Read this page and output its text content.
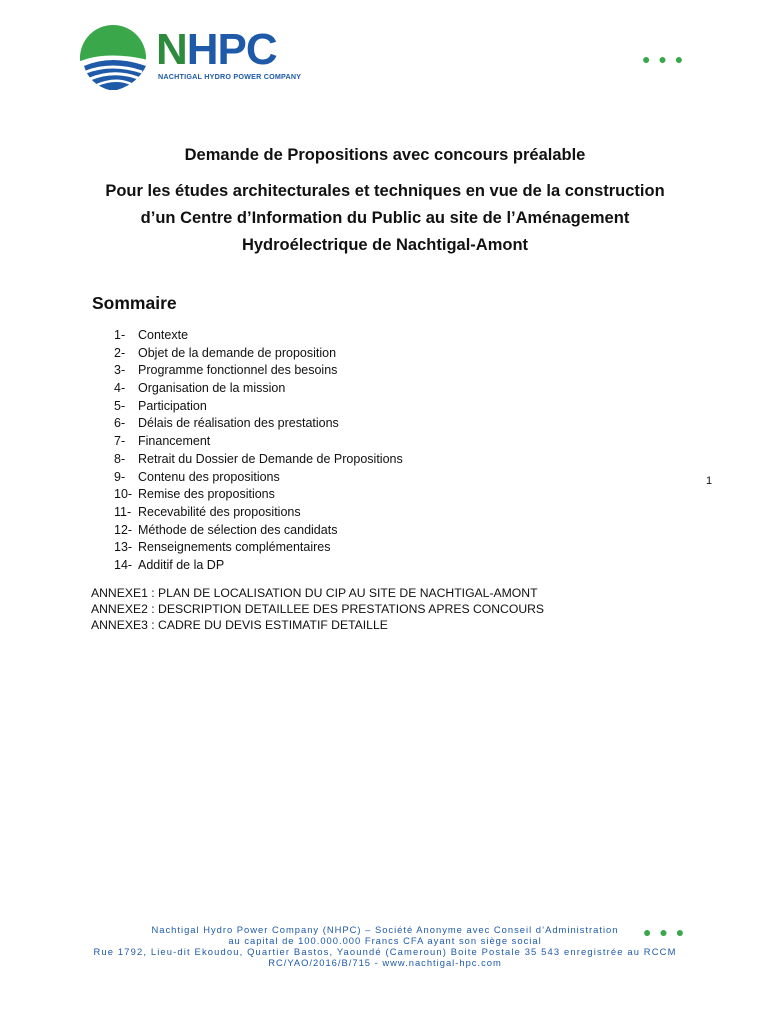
NHPC
NACHTIGAL HYDRO POWER COMPANY
● ● ●
Demande de Propositions avec concours préalable
Pour les études architecturales et techniques en vue de la construction d’un Centre d’Information du Public au site de l’Aménagement Hydroélectrique de Nachtigal-Amont
Sommaire
1-	Contexte
2-	Objet de la demande de proposition
3-	Programme fonctionnel des besoins
4-	Organisation de la mission
5-	Participation
6-	Délais de réalisation des prestations
7-	Financement
8-	Retrait du Dossier de Demande de Propositions
9-	Contenu des propositions
10- Remise des propositions
11- Recevabilité des propositions
12- Méthode de sélection des candidats
13- Renseignements complémentaires
14- Additif de la DP
1
ANNEXE1 : PLAN DE LOCALISATION DU CIP AU SITE DE NACHTIGAL-AMONT
ANNEXE2 : DESCRIPTION DETAILLEE DES PRESTATIONS APRES CONCOURS
ANNEXE3 : CADRE DU DEVIS ESTIMATIF DETAILLE
Nachtigal Hydro Power Company (NHPC) – Société Anonyme avec Conseil d’Administration
au capital de 100.000.000 Francs CFA ayant son siège social
Rue 1792, Lieu-dit Ekoudou, Quartier Bastos, Yaoundé (Cameroun) Boite Postale 35 543 enregistrée au RCCM
RC/YAO/2016/B/715 - www.nachtigal-hpc.com
● ● ●
